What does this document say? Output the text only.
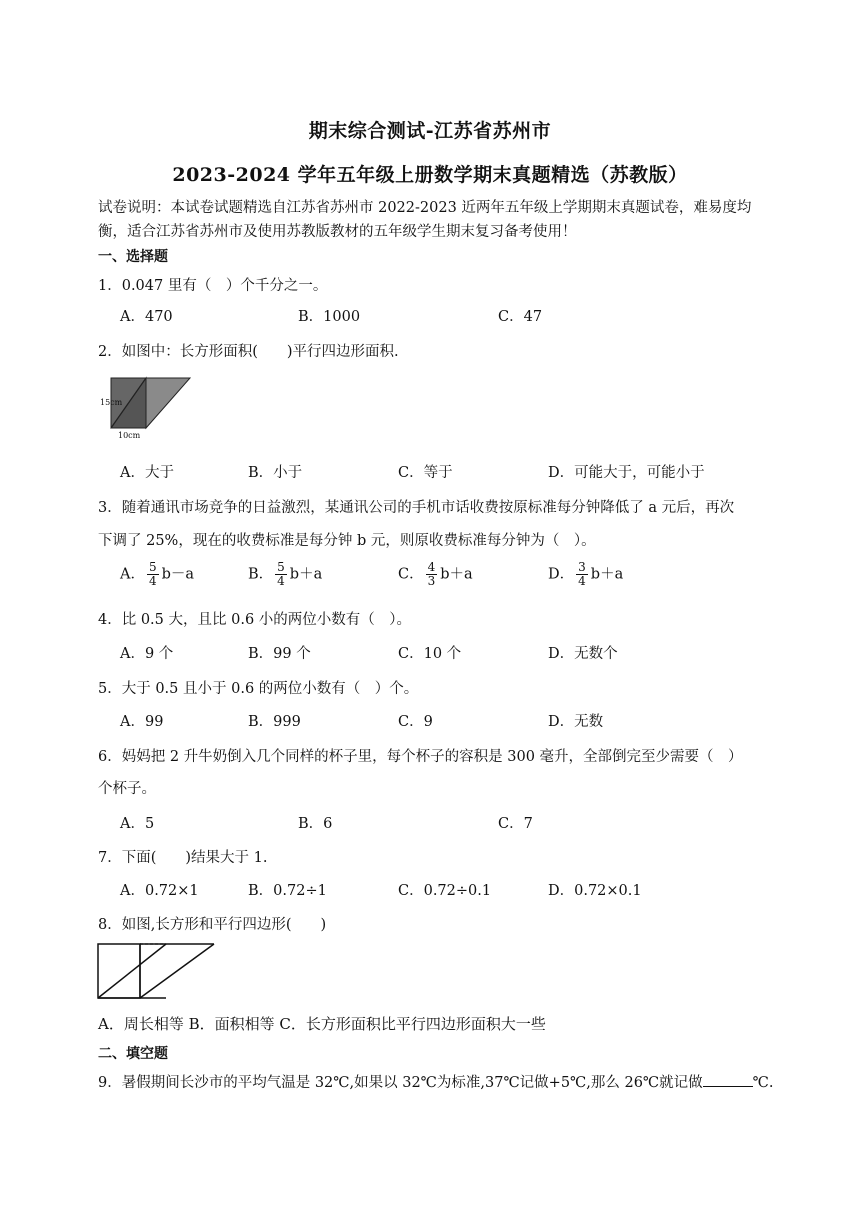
期末综合测试-江苏省苏州市
2023-2024 学年五年级上册数学期末真题精选（苏教版）
试卷说明：本试卷试题精选自江苏省苏州市 2022-2023 近两年五年级上学期期末真题试卷，难易度均衡，适合江苏省苏州市及使用苏教版教材的五年级学生期末复习备考使用！
一、选择题
1．0.047 里有（　）个千分之一。
A．470	B．1000	C．47
2．如图中：长方形面积(　　)平行四边形面积.
15cm
10cm
A．大于	B．小于	C．等于	D．可能大于，可能小于
3．随着通讯市场竞争的日益激烈，某通讯公司的手机市话收费按原标准每分钟降低了 a 元后，再次
下调了 25%，现在的收费标准是每分钟 b 元，则原收费标准每分钟为（　）。
A． $\frac{5}{4} b-a$	B． $\frac{5}{4} b+a$	C． $\frac{4}{3} b+a$	D． $\frac{3}{4} b+a$
4．比 0.5 大，且比 0.6 小的两位小数有（　）。
A．9 个	B．99 个	C．10 个	D．无数个
5．大于 0.5 且小于 0.6 的两位小数有（　）个。
A．99	B．999	C．9	D．无数
6．妈妈把 2 升牛奶倒入几个同样的杯子里，每个杯子的容积是 300 毫升，全部倒完至少需要（　）
个杯子。
A．5	B．6	C．7
7．下面(　　)结果大于 1.
A．0.72×1	B．0.72÷1	C．0.72÷0.1	D．0.72×0.1
8．如图,长方形和平行四边形(　　)
A．周长相等 B．面积相等 C．长方形面积比平行四边形面积大一些
二、填空题
9．暑假期间长沙市的平均气温是 32℃,如果以 32℃为标准,37℃记做+5℃,那么 26℃就记做	℃.
